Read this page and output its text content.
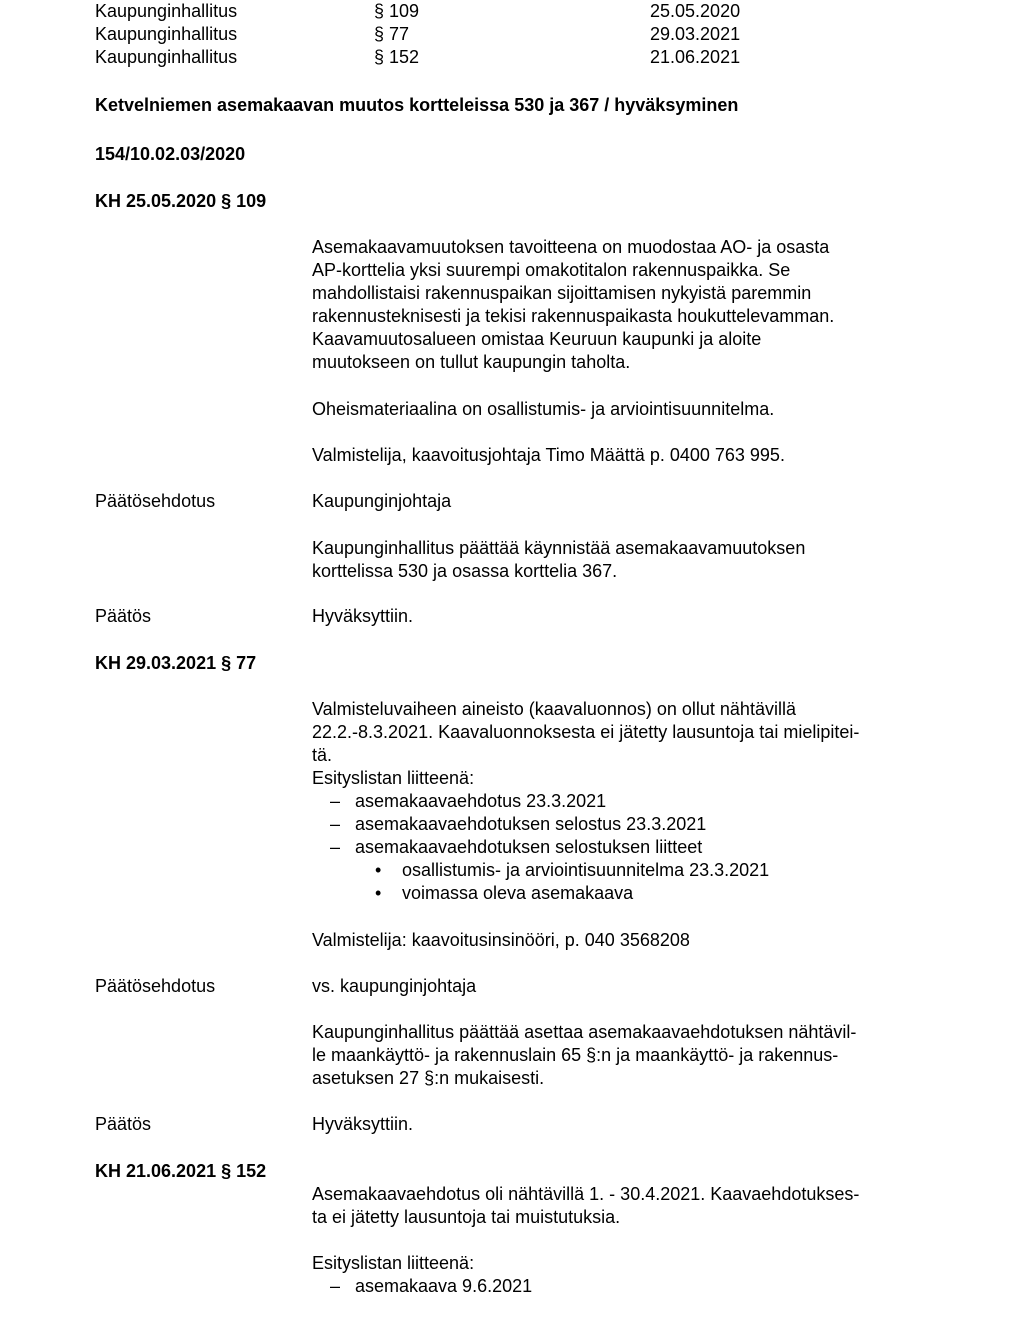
Kaupunginhallitus	§ 109	25.05.2020
Kaupunginhallitus	§ 77	29.03.2021
Kaupunginhallitus	§ 152	21.06.2021
Ketvelniemen asemakaavan muutos kortteleissa 530 ja 367 / hyväksyminen
154/10.02.03/2020
KH 25.05.2020 § 109
Asemakaavamuutoksen tavoitteena on muodostaa AO- ja osasta
AP-korttelia yksi suurempi omakotitalon rakennuspaikka. Se
mahdollistaisi rakennuspaikan sijoittamisen nykyistä paremmin
rakennusteknisesti ja tekisi rakennuspaikasta houkuttelevamman.
Kaavamuutosalueen omistaa Keuruun kaupunki ja aloite
muutokseen on tullut kaupungin taholta.
Oheismateriaalina on osallistumis- ja arviointisuunnitelma.
Valmistelija, kaavoitusjohtaja Timo Määttä p. 0400 763 995.
Päätösehdotus	Kaupunginjohtaja
Kaupunginhallitus päättää käynnistää asemakaavamuutoksen
korttelissa 530 ja osassa korttelia 367.
Päätös	Hyväksyttiin.
KH 29.03.2021 § 77
Valmisteluvaiheen aineisto (kaavaluonnos) on ollut nähtävillä
22.2.-8.3.2021. Kaavaluonnoksesta ei jätetty lausuntoja tai mielipitei-
tä.
Esityslistan liitteenä:
– asemakaavaehdotus 23.3.2021
– asemakaavaehdotuksen selostus 23.3.2021
– asemakaavaehdotuksen selostuksen liitteet
• osallistumis- ja arviointisuunnitelma 23.3.2021
• voimassa oleva asemakaava
Valmistelija: kaavoitusinsinööri, p. 040 3568208
Päätösehdotus	vs. kaupunginjohtaja
Kaupunginhallitus päättää asettaa asemakaavaehdotuksen nähtävil-
le maankäyttö- ja rakennuslain 65 §:n ja maankäyttö- ja rakennus-
asetuksen 27 §:n mukaisesti.
Päätös	Hyväksyttiin.
KH 21.06.2021 § 152
Asemakaavaehdotus oli nähtävillä 1. - 30.4.2021. Kaavaehdotukses-
ta ei jätetty lausuntoja tai muistutuksia.
Esityslistan liitteenä:
– asemakaava 9.6.2021
